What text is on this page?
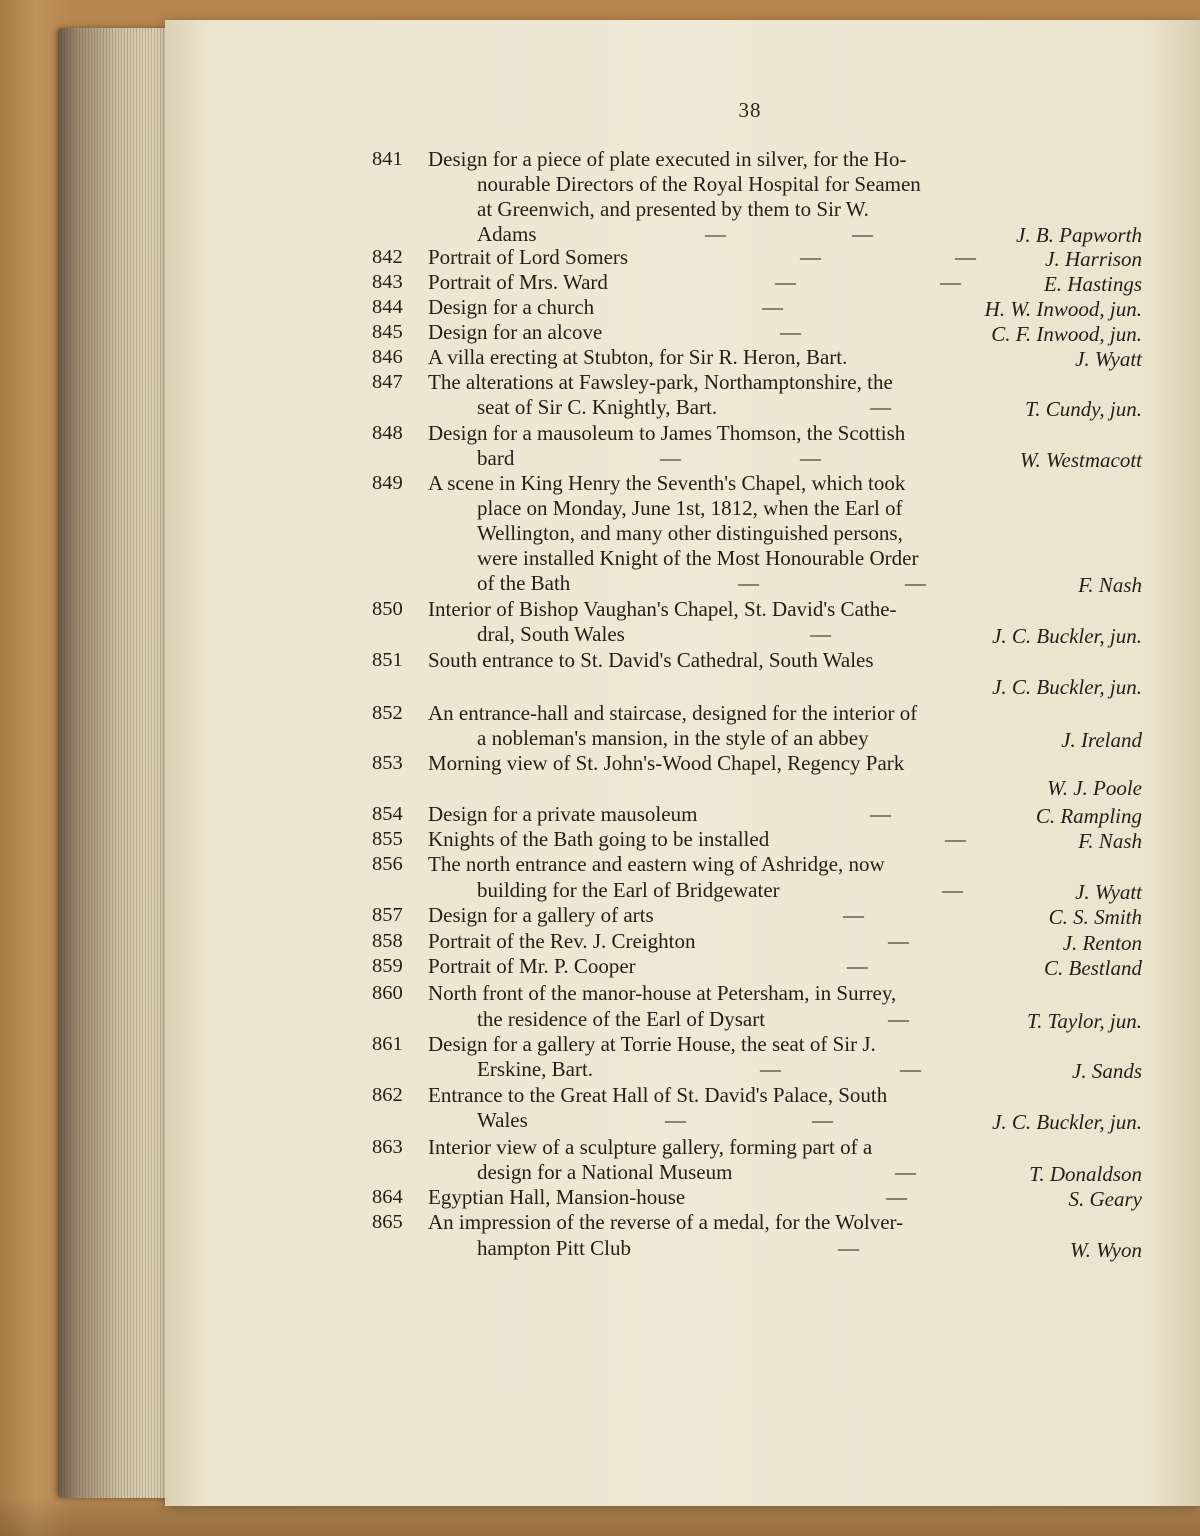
38
841	Design for a piece of plate executed in silver, for the Ho-
nourable Directors of the Royal Hospital for Seamen
at Greenwich, and presented by them to Sir W.
Adams	—	—	J. B. Papworth
842	Portrait of Lord Somers	—	—	J. Harrison
843	Portrait of Mrs. Ward	—	—	E. Hastings
844	Design for a church	—	H. W. Inwood, jun.
845	Design for an alcove	—	C. F. Inwood, jun.
846	A villa erecting at Stubton, for Sir R. Heron, Bart.	J. Wyatt
847	The alterations at Fawsley-park, Northamptonshire, the
seat of Sir C. Knightly, Bart.	—	T. Cundy, jun.
848	Design for a mausoleum to James Thomson, the Scottish
bard	—	—	W. Westmacott
849	A scene in King Henry the Seventh's Chapel, which took
place on Monday, June 1st, 1812, when the Earl of
Wellington, and many other distinguished persons,
were installed Knight of the Most Honourable Order
of the Bath	—	—	F. Nash
850	Interior of Bishop Vaughan's Chapel, St. David's Cathe-
dral, South Wales	—	J. C. Buckler, jun.
851	South entrance to St. David's Cathedral, South Wales
J. C. Buckler, jun.
852	An entrance-hall and staircase, designed for the interior of
a nobleman's mansion, in the style of an abbey	J. Ireland
853	Morning view of St. John's-Wood Chapel, Regency Park
W. J. Poole
854	Design for a private mausoleum	—	C. Rampling
855	Knights of the Bath going to be installed	—	F. Nash
856	The north entrance and eastern wing of Ashridge, now
building for the Earl of Bridgewater	—	J. Wyatt
857	Design for a gallery of arts	—	C. S. Smith
858	Portrait of the Rev. J. Creighton	—	J. Renton
859	Portrait of Mr. P. Cooper	—	C. Bestland
860	North front of the manor-house at Petersham, in Surrey,
the residence of the Earl of Dysart	—	T. Taylor, jun.
861	Design for a gallery at Torrie House, the seat of Sir J.
Erskine, Bart.	—	—	J. Sands
862	Entrance to the Great Hall of St. David's Palace, South
Wales	—	—	J. C. Buckler, jun.
863	Interior view of a sculpture gallery, forming part of a
design for a National Museum	—	T. Donaldson
864	Egyptian Hall, Mansion-house	—	S. Geary
865	An impression of the reverse of a medal, for the Wolver-
hampton Pitt Club	—	W. Wyon
